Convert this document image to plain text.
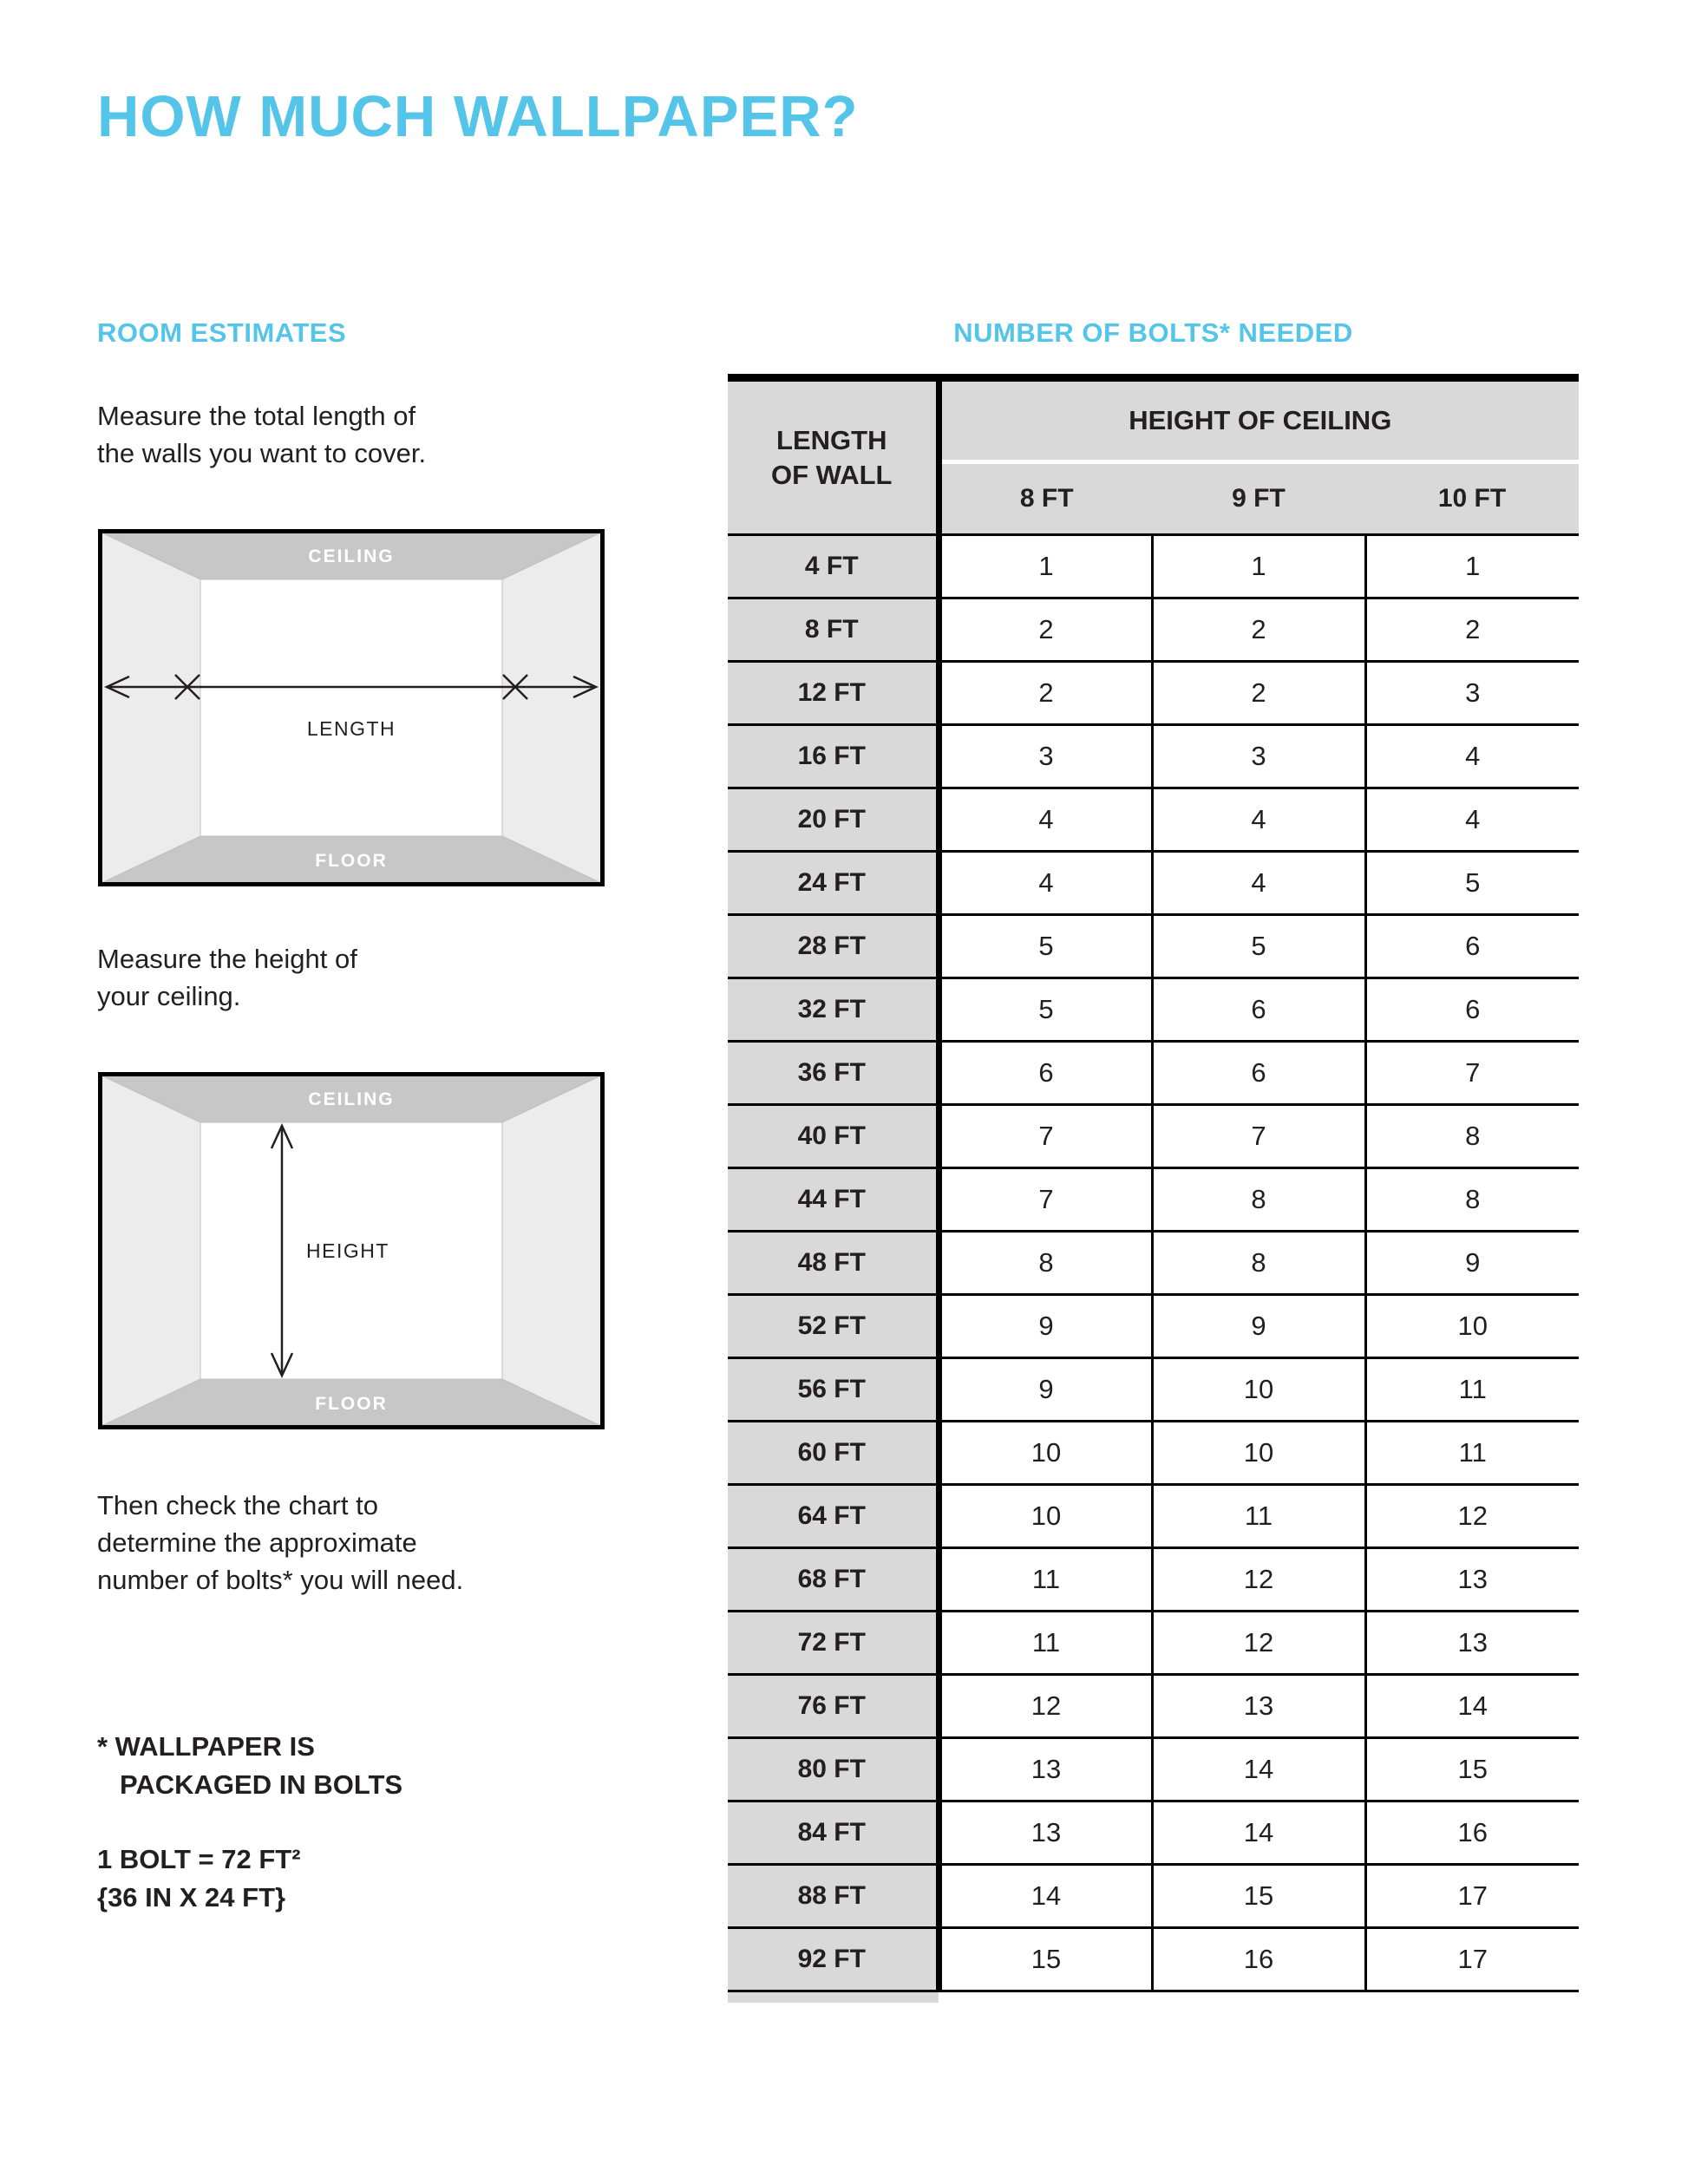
HOW MUCH WALLPAPER?
ROOM ESTIMATES	NUMBER OF BOLTS* NEEDED

Measure the total length of
the walls you want to cover.

CEILING
FLOOR
LENGTH

Measure the height of
your ceiling.

CEILING
FLOOR
HEIGHT

Then check the chart to
determine the approximate
number of bolts* you will need.

* WALLPAPER IS
PACKAGED IN BOLTS

1 BOLT = 72 FT²
{36 IN X 24 FT}

LENGTH
OF WALL	HEIGHT OF CEILING		
	8 FT	9 FT	10 FT
4 FT	1	1	1
8 FT	2	2	2
12 FT	2	2	3
16 FT	3	3	4
20 FT	4	4	4
24 FT	4	4	5
28 FT	5	5	6
32 FT	5	6	6
36 FT	6	6	7
40 FT	7	7	8
44 FT	7	8	8
48 FT	8	8	9
52 FT	9	9	10
56 FT	9	10	11
60 FT	10	10	11
64 FT	10	11	12
68 FT	11	12	13
72 FT	11	12	13
76 FT	12	13	14
80 FT	13	14	15
84 FT	13	14	16
88 FT	14	15	17
92 FT	15	16	17
